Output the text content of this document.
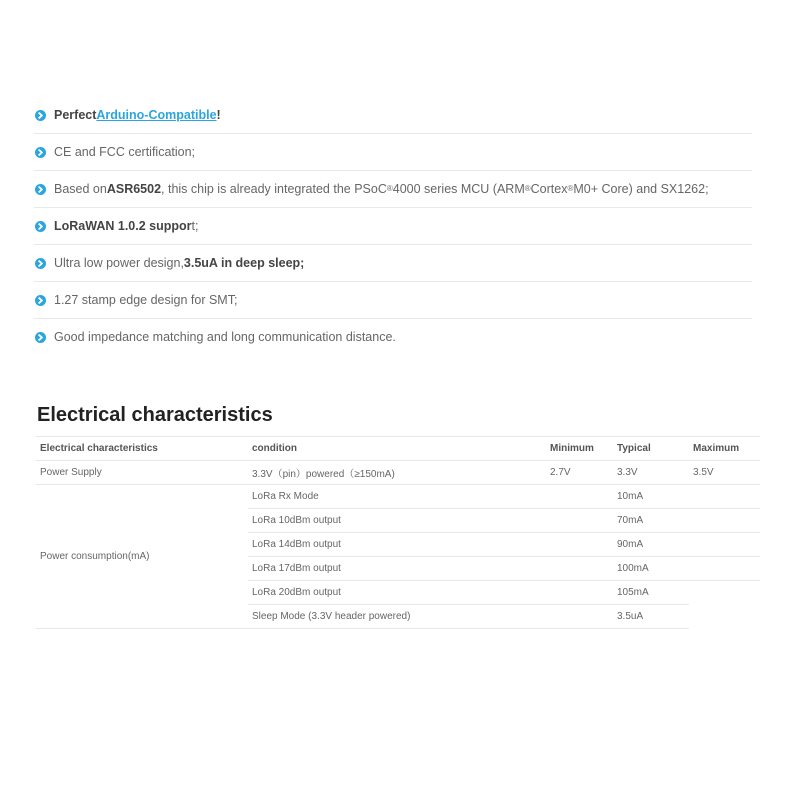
Perfect Arduino-Compatible !
CE and FCC certification;
Based on ASR6502 , this chip is already integrated the PSoC ® 4000 series MCU (ARM ® Cortex ® M0+ Core) and SX1262;
LoRaWAN 1.0.2 suppor t;
Ultra low power design, 3.5uA in deep sleep;
1.27 stamp edge design for SMT;
Good impedance matching and long communication distance.
Electrical characteristics
Electrical characteristics	condition	Minimum	Typical	Maximum
Power Supply	3.3V（pin）powered（≥150mA)	2.7V	3.3V	3.5V
Power consumption(mA)	LoRa Rx Mode		10mA	
	LoRa 10dBm output		70mA	
	LoRa 14dBm output		90mA	
	LoRa 17dBm output		100mA	
	LoRa 20dBm output		105mA	
	Sleep Mode (3.3V header powered)		3.5uA	
